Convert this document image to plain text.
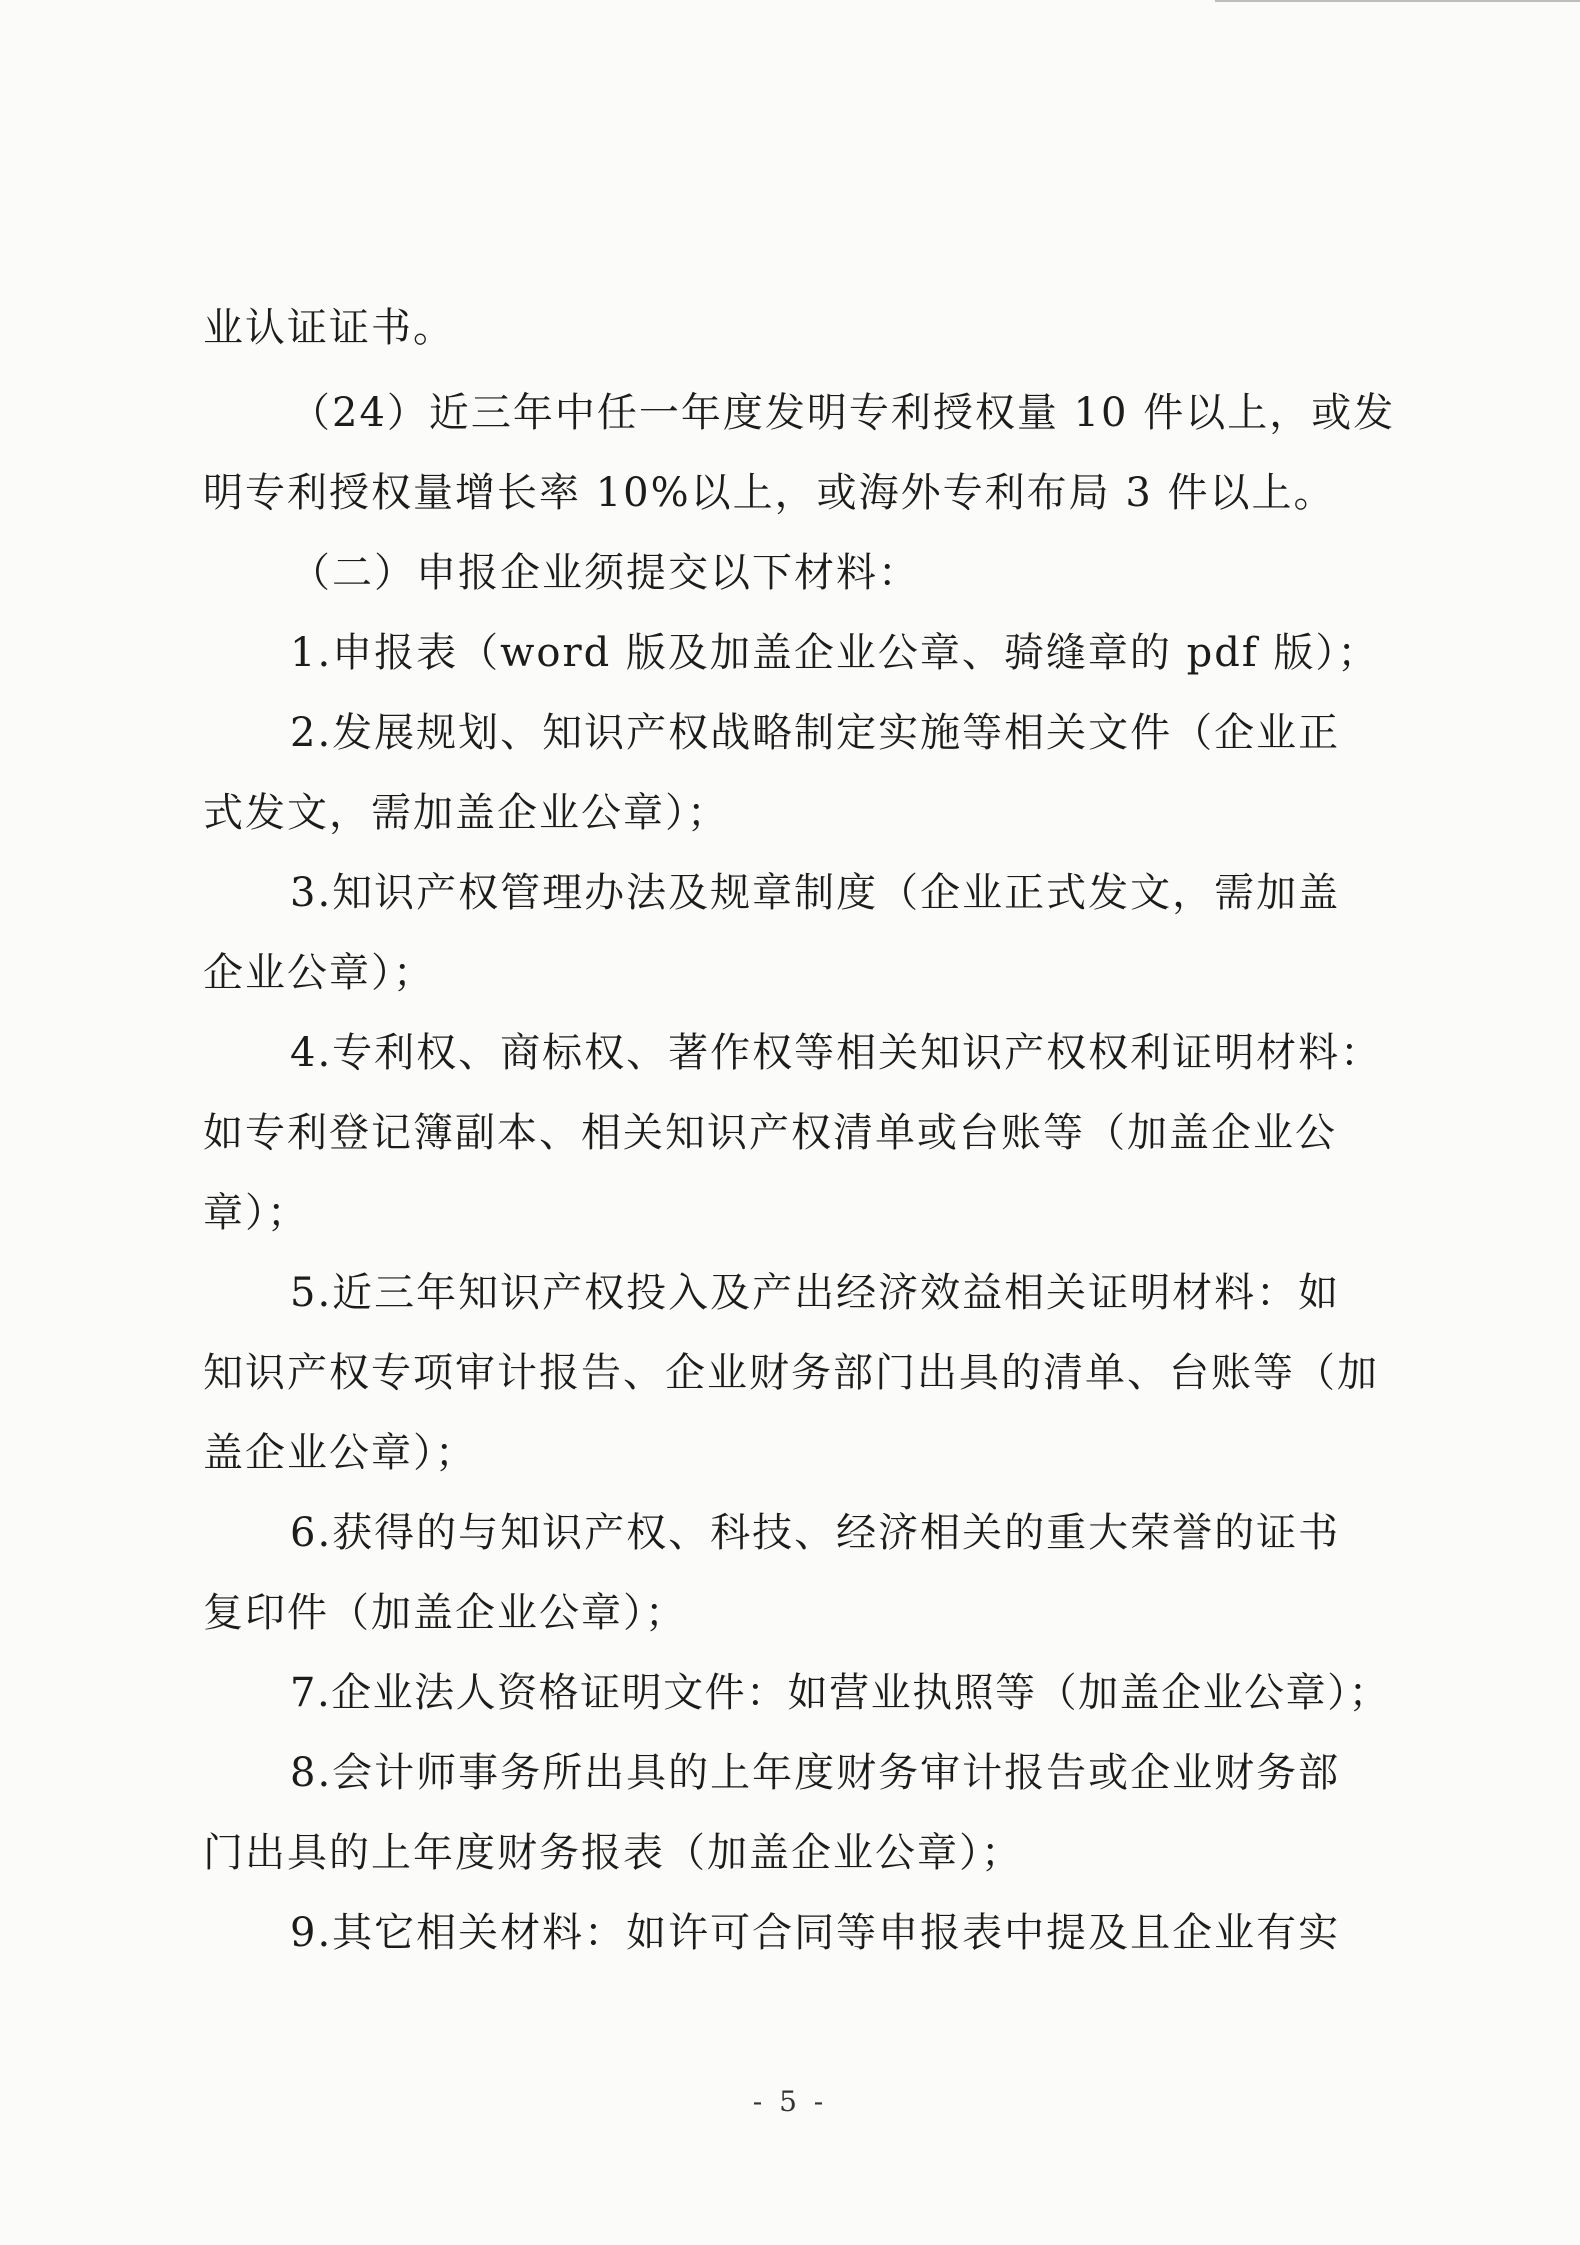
业认证证书。
（24）近三年中任一年度发明专利授权量 10 件以上，或发
明专利授权量增长率 10%以上，或海外专利布局 3 件以上。
（二）申报企业须提交以下材料：
1.申报表（word 版及加盖企业公章、骑缝章的 pdf 版）；
2.发展规划、知识产权战略制定实施等相关文件（企业正
式发文，需加盖企业公章）；
3.知识产权管理办法及规章制度（企业正式发文，需加盖
企业公章）；
4.专利权、商标权、著作权等相关知识产权权利证明材料：
如专利登记簿副本、相关知识产权清单或台账等（加盖企业公
章）；
5.近三年知识产权投入及产出经济效益相关证明材料：如
知识产权专项审计报告、企业财务部门出具的清单、台账等（加
盖企业公章）；
6.获得的与知识产权、科技、经济相关的重大荣誉的证书
复印件（加盖企业公章）；
7.企业法人资格证明文件：如营业执照等（加盖企业公章）；
8.会计师事务所出具的上年度财务审计报告或企业财务部
门出具的上年度财务报表（加盖企业公章）；
9.其它相关材料：如许可合同等申报表中提及且企业有实
- 5 -
